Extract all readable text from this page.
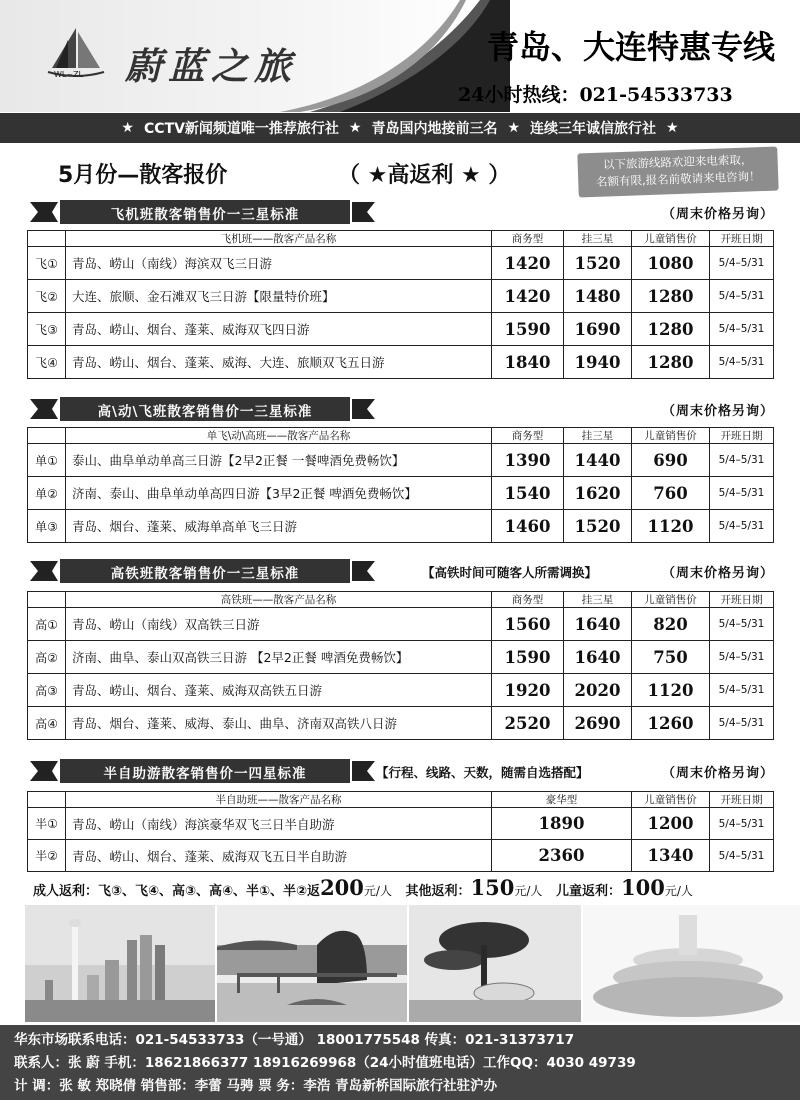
WL~ZL 蔚蓝之旅	青岛、大连特惠专线
24小时热线：021-54533733
★ CCTV新闻频道唯一推荐旅行社 ★ 青岛国内地接前三名 ★ 连续三年诚信旅行社 ★
5月份—散客报价	（ ★高返利 ★ ）
以下旅游线路欢迎来电索取，
名额有限,报名前敬请来电咨询！
飞机班散客销售价一三星标准	（周末价格另询）
	飞机班——散客产品名称	商务型	挂三星	儿童销售价	开班日期
飞①	青岛、崂山（南线）海滨双飞三日游	1420	1520	1080	5/4–5/31
飞②	大连、旅顺、金石滩双飞三日游【限量特价班】	1420	1480	1280	5/4–5/31
飞③	青岛、崂山、烟台、蓬莱、威海双飞四日游	1590	1690	1280	5/4–5/31
飞④	青岛、崂山、烟台、蓬莱、威海、大连、旅顺双飞五日游	1840	1940	1280	5/4–5/31
高\动\飞班散客销售价一三星标准	（周末价格另询）
	单飞\动\高班——散客产品名称	商务型	挂三星	儿童销售价	开班日期
单①	泰山、曲阜单动单高三日游【2早2正餐 一餐啤酒免费畅饮】	1390	1440	690	5/4–5/31
单②	济南、泰山、曲阜单动单高四日游【3早2正餐 啤酒免费畅饮】	1540	1620	760	5/4–5/31
单③	青岛、烟台、蓬莱、威海单高单飞三日游	1460	1520	1120	5/4–5/31
高铁班散客销售价一三星标准	【高铁时间可随客人所需调换】	（周末价格另询）
	高铁班——散客产品名称	商务型	挂三星	儿童销售价	开班日期
高①	青岛、崂山（南线）双高铁三日游	1560	1640	820	5/4–5/31
高②	济南、曲阜、泰山双高铁三日游 【2早2正餐 啤酒免费畅饮】	1590	1640	750	5/4–5/31
高③	青岛、崂山、烟台、蓬莱、威海双高铁五日游	1920	2020	1120	5/4–5/31
高④	青岛、烟台、蓬莱、威海、泰山、曲阜、济南双高铁八日游	2520	2690	1260	5/4–5/31
半自助游散客销售价一四星标准	【行程、线路、天数，随需自选搭配】	（周末价格另询）
	半自助班——散客产品名称	豪华型	儿童销售价	开班日期
半①	青岛、崂山（南线）海滨豪华双飞三日半自助游	1890	1200	5/4–5/31
半②	青岛、崂山、烟台、蓬莱、威海双飞五日半自助游	2360	1340	5/4–5/31
成人返利：飞③、飞④、高③、高④、半①、半②返200元/人 其他返利：150元/人 儿童返利：100元/人
华东市场联系电话：021-54533733（一号通） 18001775548 传真：021-31373717
联系人：张 蔚 手机：18621866377 18916269968（24小时值班电话）工作QQ：4030 49739
计 调：张 敏 郑晓倩 销售部：李蕾 马骋 票 务：李浩 青岛新桥国际旅行社驻沪办
